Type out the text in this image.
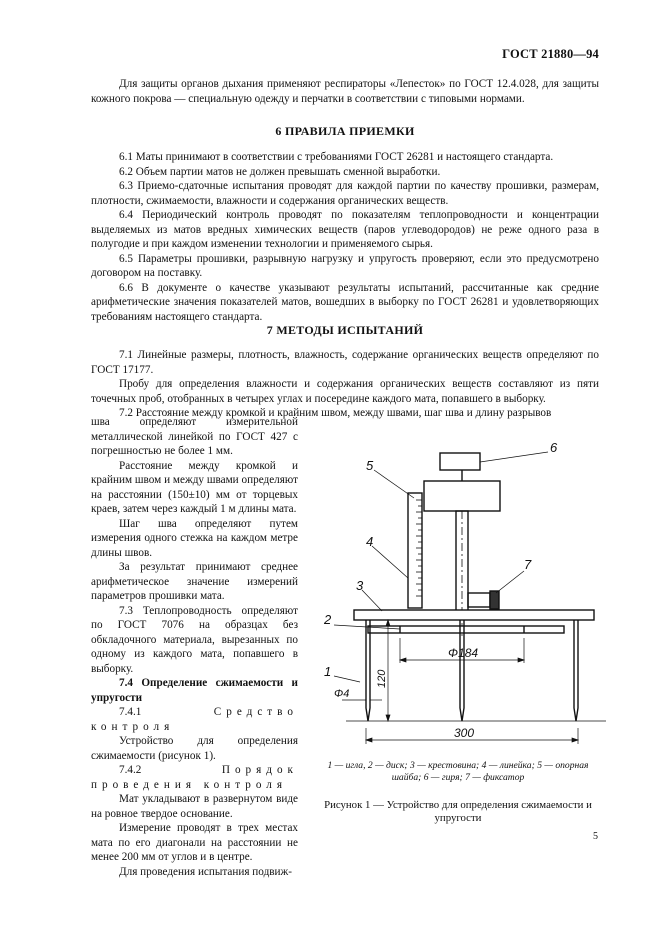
ГОСТ 21880—94

Для защиты органов дыхания применяют респираторы «Лепесток» по ГОСТ 12.4.028, для защиты кожного покрова — специальную одежду и перчатки в соответствии с типовыми нормами.

6 ПРАВИЛА ПРИЕМКИ

6.1 Маты принимают в соответствии с требованиями ГОСТ 26281 и настоящего стандарта.

6.2 Объем партии матов не должен превышать сменной выработки.

6.3 Приемо-сдаточные испытания проводят для каждой партии по качеству прошивки, размерам, плотности, сжимаемости, влажности и содержания органических веществ.

6.4 Периодический контроль проводят по показателям теплопроводности и концентрации выделяемых из матов вредных химических веществ (паров углеводородов) не реже одного раза в полугодие и при каждом изменении технологии и применяемого сырья.

6.5 Параметры прошивки, разрывную нагрузку и упругость проверяют, если это предусмотрено договором на поставку.

6.6 В документе о качестве указывают результаты испытаний, рассчитанные как средние арифметические значения показателей матов, вошедших в выборку по ГОСТ 26281 и удовлетворяющих требованиям настоящего стандарта.

7 МЕТОДЫ ИСПЫТАНИЙ

7.1 Линейные размеры, плотность, влажность, содержание органических веществ определяют по ГОСТ 17177.

Пробу для определения влажности и содержания органических веществ составляют из пяти точечных проб, отобранных в четырех углах и посередине каждого мата, попавшего в выборку.

7.2 Расстояние между кромкой и крайним швом, между швами, шаг шва и длину разрывов

шва определяют измерительной металлической линейкой по ГОСТ 427 с погрешностью не более 1 мм.

Расстояние между кромкой и крайним швом и между швами определяют на расстоянии (150±10) мм от торцевых краев, затем через каждый 1 м длины мата.

Шаг шва определяют путем измерения одного стежка на каждом метре длины швов.

За результат принимают среднее арифметическое значение измерений параметров прошивки мата.

7.3 Теплопроводность определяют по ГОСТ 7076 на образцах без обкладочного материала, вырезанных по одному из каждого мата, попавшего в выборку.

7.4 Определение сжимаемости и упругости

7.4.1	Средство контроля

Устройство для определения сжимаемости (рисунок 1).

7.4.2	Порядок проведения контроля

Мат укладывают в развернутом виде на ровное твердое основание.

Измерение проводят в трех местах мата по его диагонали на расстоянии не менее 200 мм от углов и в центре.

Для проведения испытания подвиж-

1
2
3
4
5
6
7
Φ184
Φ4
300
120
1 — игла, 2 — диск; 3 — крестовина; 4 — линейка; 5 — опорная шайба; 6 — гиря; 7 — фиксатор
Рисунок 1 — Устройство для определения сжимаемости и упругости
5
